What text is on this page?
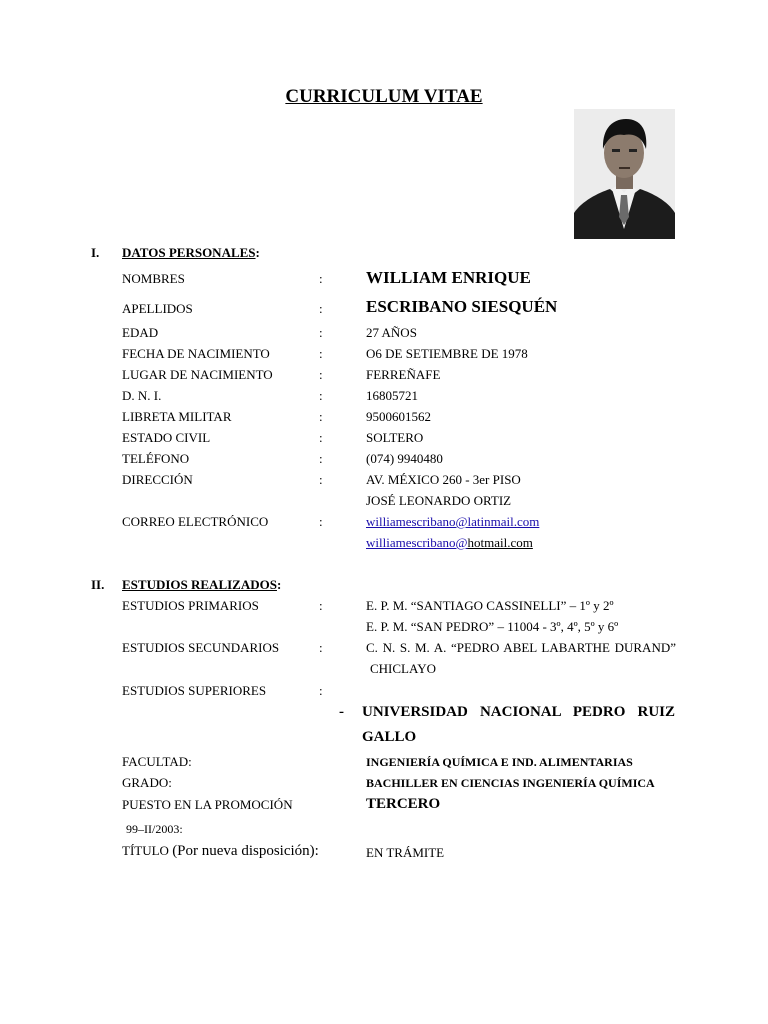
CURRICULUM VITAE
I. DATOS PERSONALES:
NOMBRES	:	WILLIAM ENRIQUE
APELLIDOS	:	ESCRIBANO SIESQUÉN
EDAD	:	27 AÑOS
FECHA DE NACIMIENTO	:	O6 DE SETIEMBRE DE 1978
LUGAR DE NACIMIENTO	:	FERREÑAFE
D. N. I.	:	16805721
LIBRETA MILITAR	:	9500601562
ESTADO CIVIL	:	SOLTERO
TELÉFONO	:	(074) 9940480
DIRECCIÓN	:	AV. MÉXICO 260 - 3er PISO
JOSÉ LEONARDO ORTIZ
CORREO ELECTRÓNICO	:	williamescribano@latinmail.com
williamescribano@hotmail.com
II. ESTUDIOS REALIZADOS:
ESTUDIOS PRIMARIOS	:	E. P. M. “SANTIAGO CASSINELLI” – 1º y 2º
E. P. M. “SAN PEDRO” – 11004 - 3º, 4º, 5º y 6º
ESTUDIOS SECUNDARIOS	:	C. N. S. M. A. “PEDRO ABEL LABARTHE DURAND”
CHICLAYO
ESTUDIOS SUPERIORES	:
- UNIVERSIDAD NACIONAL PEDRO RUIZ
GALLO
FACULTAD:	INGENIERÍA QUÍMICA E IND. ALIMENTARIAS
GRADO:	BACHILLER EN CIENCIAS INGENIERÍA QUÍMICA
PUESTO EN LA PROMOCIÓN	TERCERO
99–II/2003:
TÍTULO (Por nueva disposición):	EN TRÁMITE
